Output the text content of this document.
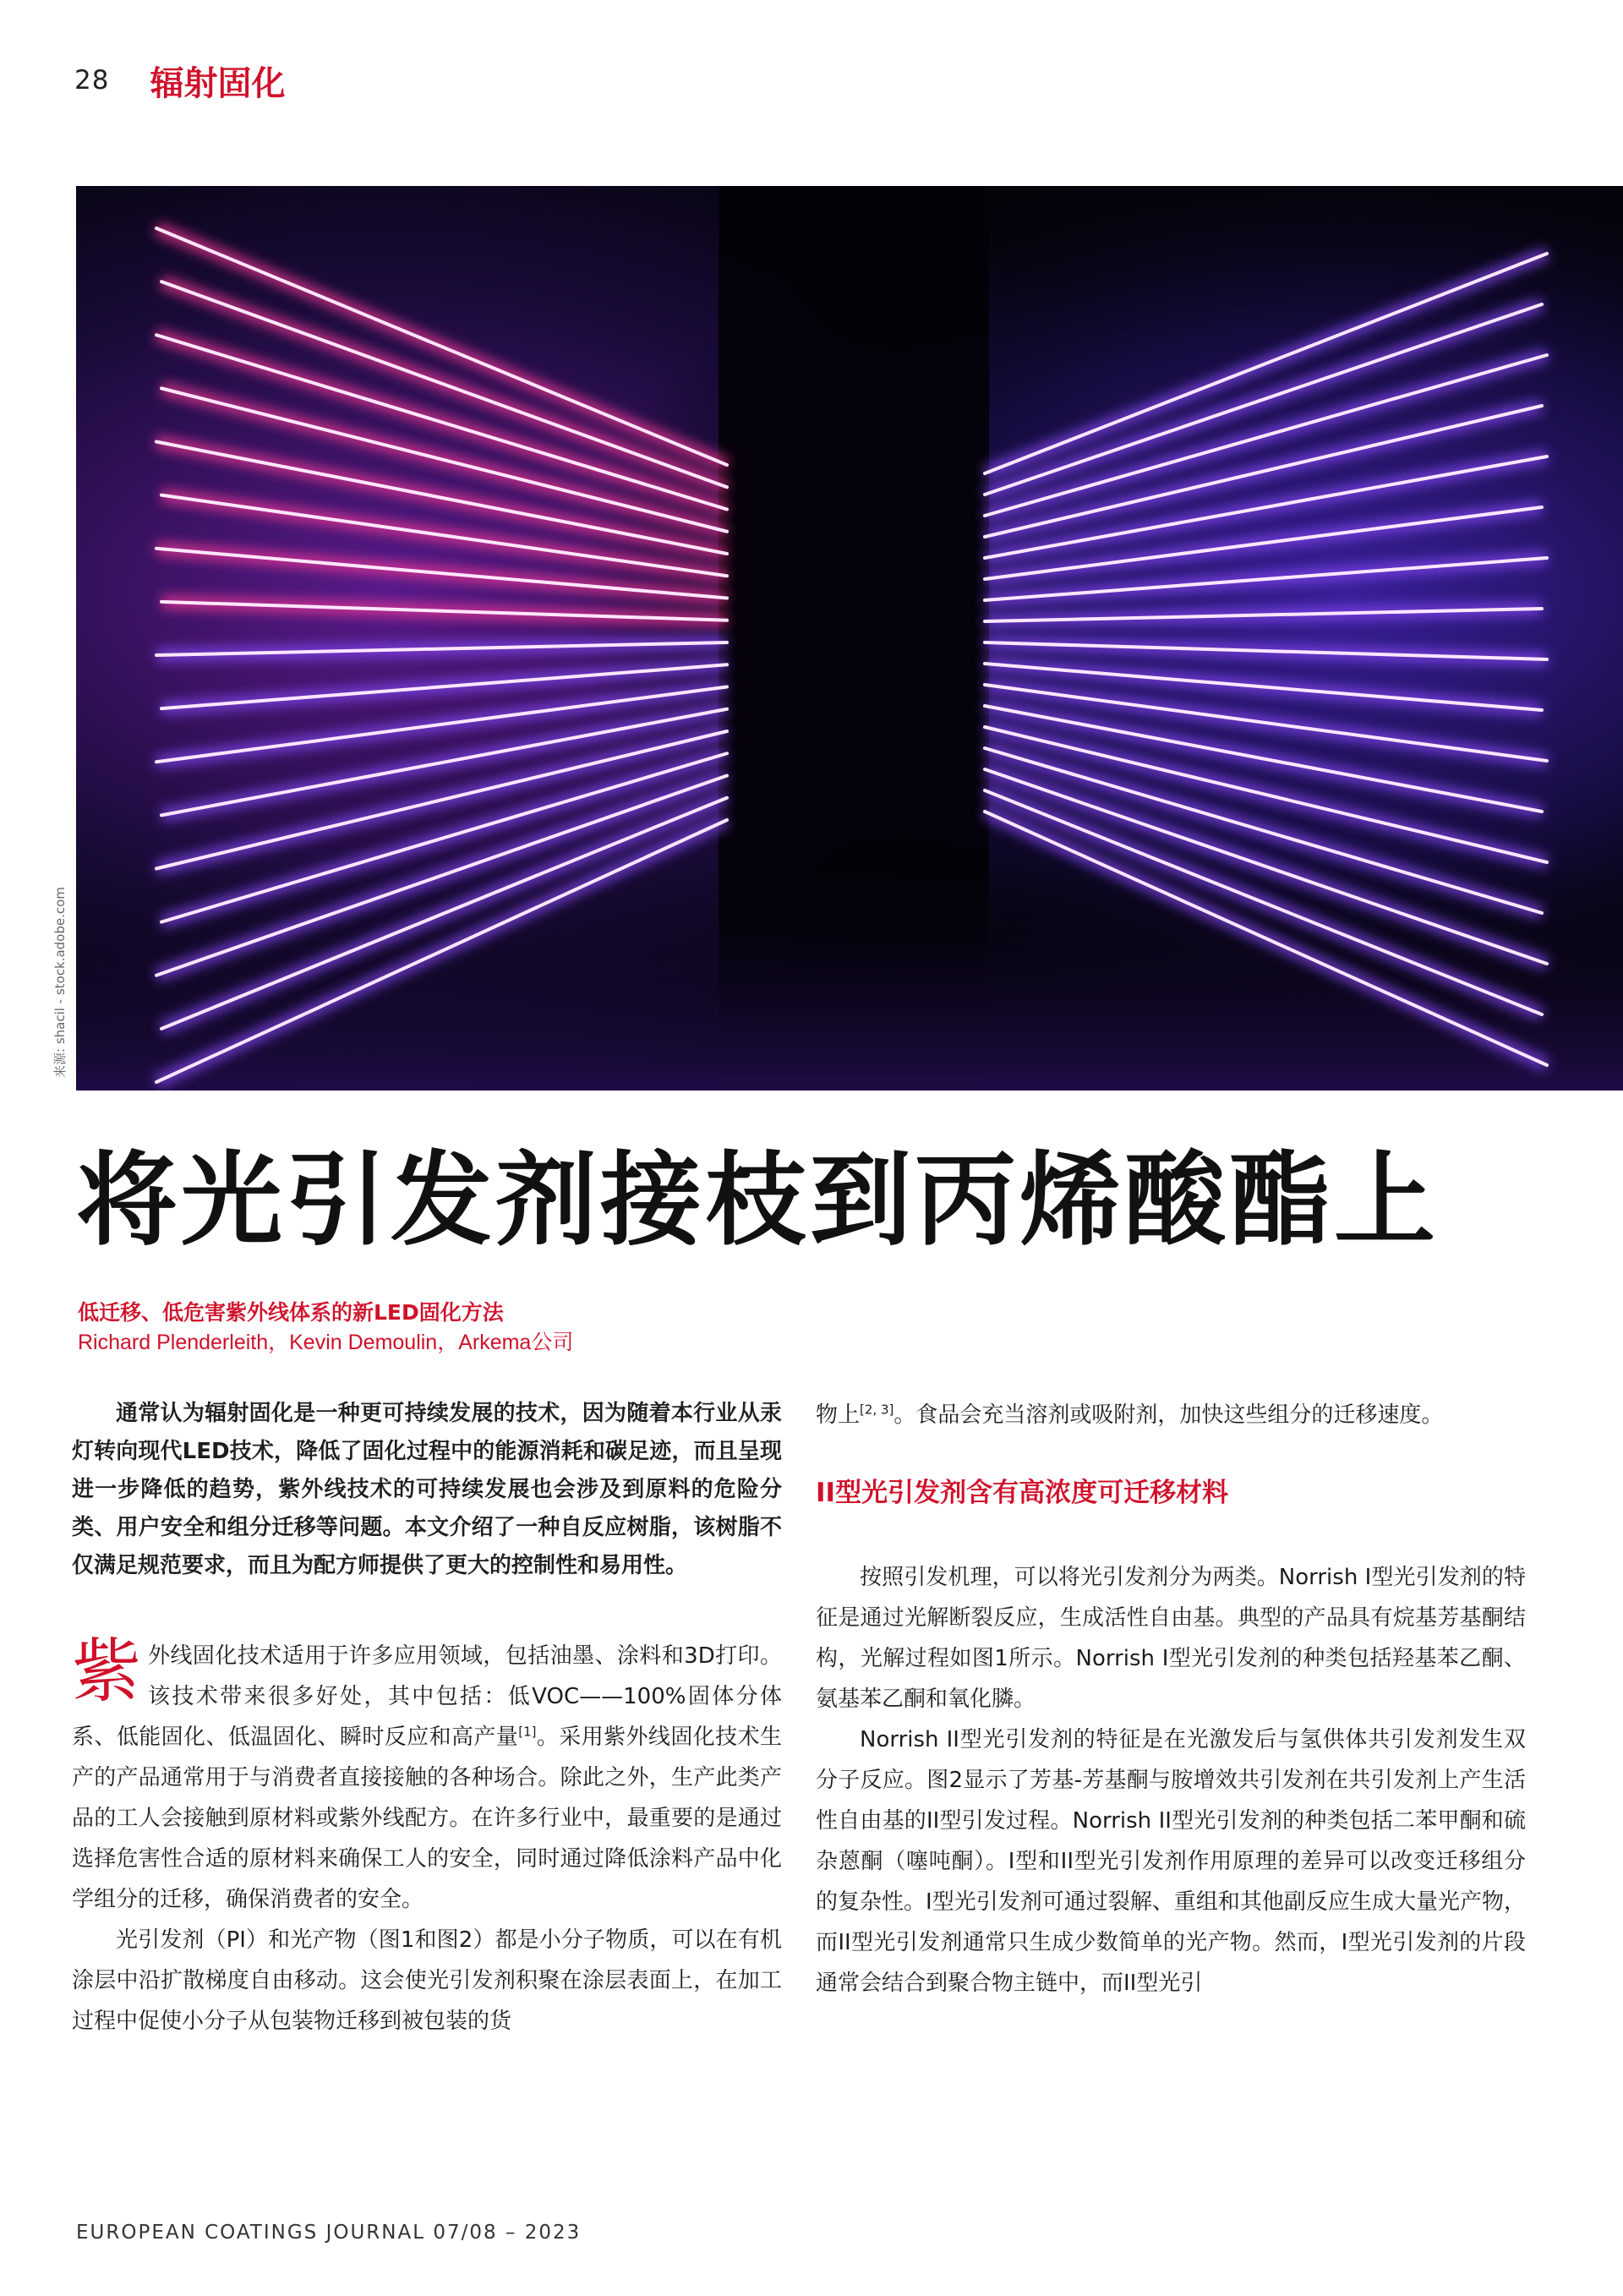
28 辐射固化
来源: shacil - stock.adobe.com
将光引发剂接枝到丙烯酸酯上
低迁移、低危害紫外线体系的新LED固化方法
Richard Plenderleith，Kevin Demoulin，Arkema公司

通常认为辐射固化是一种更可持续发展的技术，因为随着本行业从汞灯转向现代LED技术，降低了固化过程中的能源消耗和碳足迹，而且呈现进一步降低的趋势，紫外线技术的可持续发展也会涉及到原料的危险分类、用户安全和组分迁移等问题。本文介绍了一种自反应树脂，该树脂不仅满足规范要求，而且为配方师提供了更大的控制性和易用性。

紫外线固化技术适用于许多应用领域，包括油墨、涂料和3D打印。该技术带来很多好处，其中包括：低VOC——100%固体分体系、低能固化、低温固化、瞬时反应和高产量[1]。采用紫外线固化技术生产的产品通常用于与消费者直接接触的各种场合。除此之外，生产此类产品的工人会接触到原材料或紫外线配方。在许多行业中，最重要的是通过选择危害性合适的原材料来确保工人的安全，同时通过降低涂料产品中化学组分的迁移，确保消费者的安全。

光引发剂（PI）和光产物（图1和图2）都是小分子物质，可以在有机涂层中沿扩散梯度自由移动。这会使光引发剂积聚在涂层表面上，在加工过程中促使小分子从包装物迁移到被包装的货

物上[2, 3]。食品会充当溶剂或吸附剂，加快这些组分的迁移速度。

II型光引发剂含有高浓度可迁移材料

按照引发机理，可以将光引发剂分为两类。Norrish I型光引发剂的特征是通过光解断裂反应，生成活性自由基。典型的产品具有烷基芳基酮结构，光解过程如图1所示。Norrish I型光引发剂的种类包括羟基苯乙酮、氨基苯乙酮和氧化膦。

Norrish II型光引发剂的特征是在光激发后与氢供体共引发剂发生双分子反应。图2显示了芳基-芳基酮与胺增效共引发剂在共引发剂上产生活性自由基的II型引发过程。Norrish II型光引发剂的种类包括二苯甲酮和硫杂蒽酮（噻吨酮）。I型和II型光引发剂作用原理的差异可以改变迁移组分的复杂性。I型光引发剂可通过裂解、重组和其他副反应生成大量光产物，而II型光引发剂通常只生成少数简单的光产物。然而，I型光引发剂的片段通常会结合到聚合物主链中，而II型光引

EUROPEAN COATINGS JOURNAL 07/08 – 2023
